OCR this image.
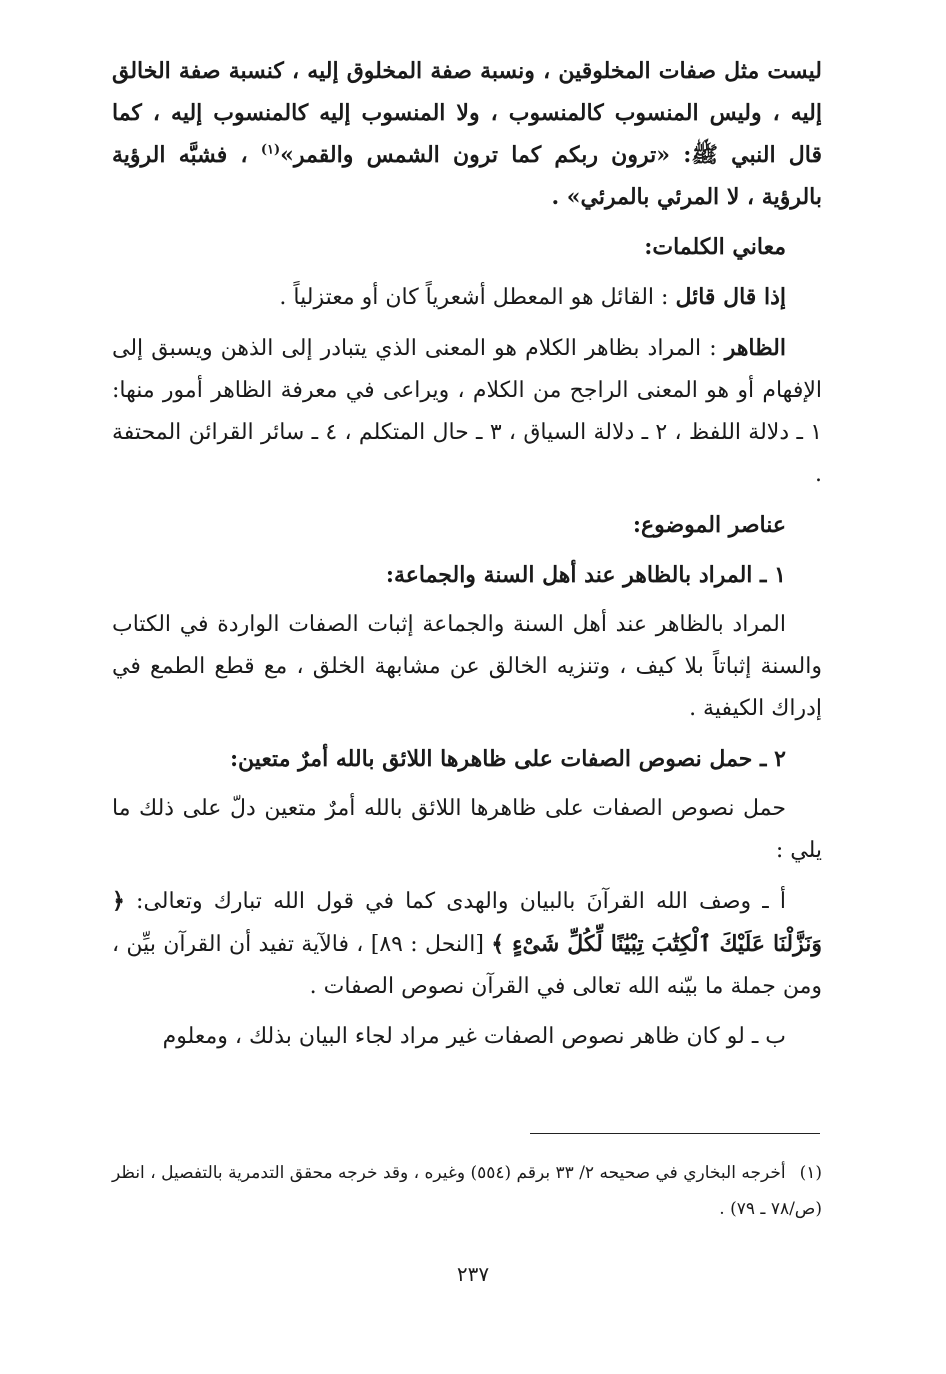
ليست مثل صفات المخلوقين ، ونسبة صفة المخلوق إليه ، كنسبة صفة الخالق إليه ، وليس المنسوب كالمنسوب ، ولا المنسوب إليه كالمنسوب إليه ، كما قال النبي ﷺ: «ترون ربكم كما ترون الشمس والقمر»$^{(١)}$ ، فشبَّه الرؤية بالرؤية ، لا المرئي بالمرئي» .

معاني الكلمات:

إذا قال قائل : القائل هو المعطل أشعرياً كان أو معتزلياً .

الظاهر : المراد بظاهر الكلام هو المعنى الذي يتبادر إلى الذهن ويسبق إلى الإفهام أو هو المعنى الراجح من الكلام ، ويراعى في معرفة الظاهر أمور منها: ١ ـ دلالة اللفظ ، ٢ ـ دلالة السياق ، ٣ ـ حال المتكلم ، ٤ ـ سائر القرائن المحتفة .

عناصر الموضوع:

١ ـ المراد بالظاهر عند أهل السنة والجماعة:

المراد بالظاهر عند أهل السنة والجماعة إثبات الصفات الواردة في الكتاب والسنة إثباتاً بلا كيف ، وتنزيه الخالق عن مشابهة الخلق ، مع قطع الطمع في إدراك الكيفية .

٢ ـ حمل نصوص الصفات على ظاهرها اللائق بالله أمرٌ متعين:

حمل نصوص الصفات على ظاهرها اللائق بالله أمرٌ متعين دلّ على ذلك ما يلي :

أ ـ وصف الله القرآنَ بالبيان والهدى كما في قول الله تبارك وتعالى: ﴿ وَنَزَّلْنَا عَلَيْكَ ٱلْكِتَٰبَ تِبْيَٰنًا لِّكُلِّ شَىْءٍ ﴾ [النحل : ٨٩] ، فالآية تفيد أن القرآن بيِّن ، ومن جملة ما بيّنه الله تعالى في القرآن نصوص الصفات .

ب ـ لو كان ظاهر نصوص الصفات غير مراد لجاء البيان بذلك ، ومعلوم

(١)أخرجه البخاري في صحيحه ٢/ ٣٣ برقم (٥٥٤) وغيره ، وقد خرجه محقق التدمرية بالتفصيل ، انظر (ص/٧٨ ـ ٧٩) .
٢٣٧
